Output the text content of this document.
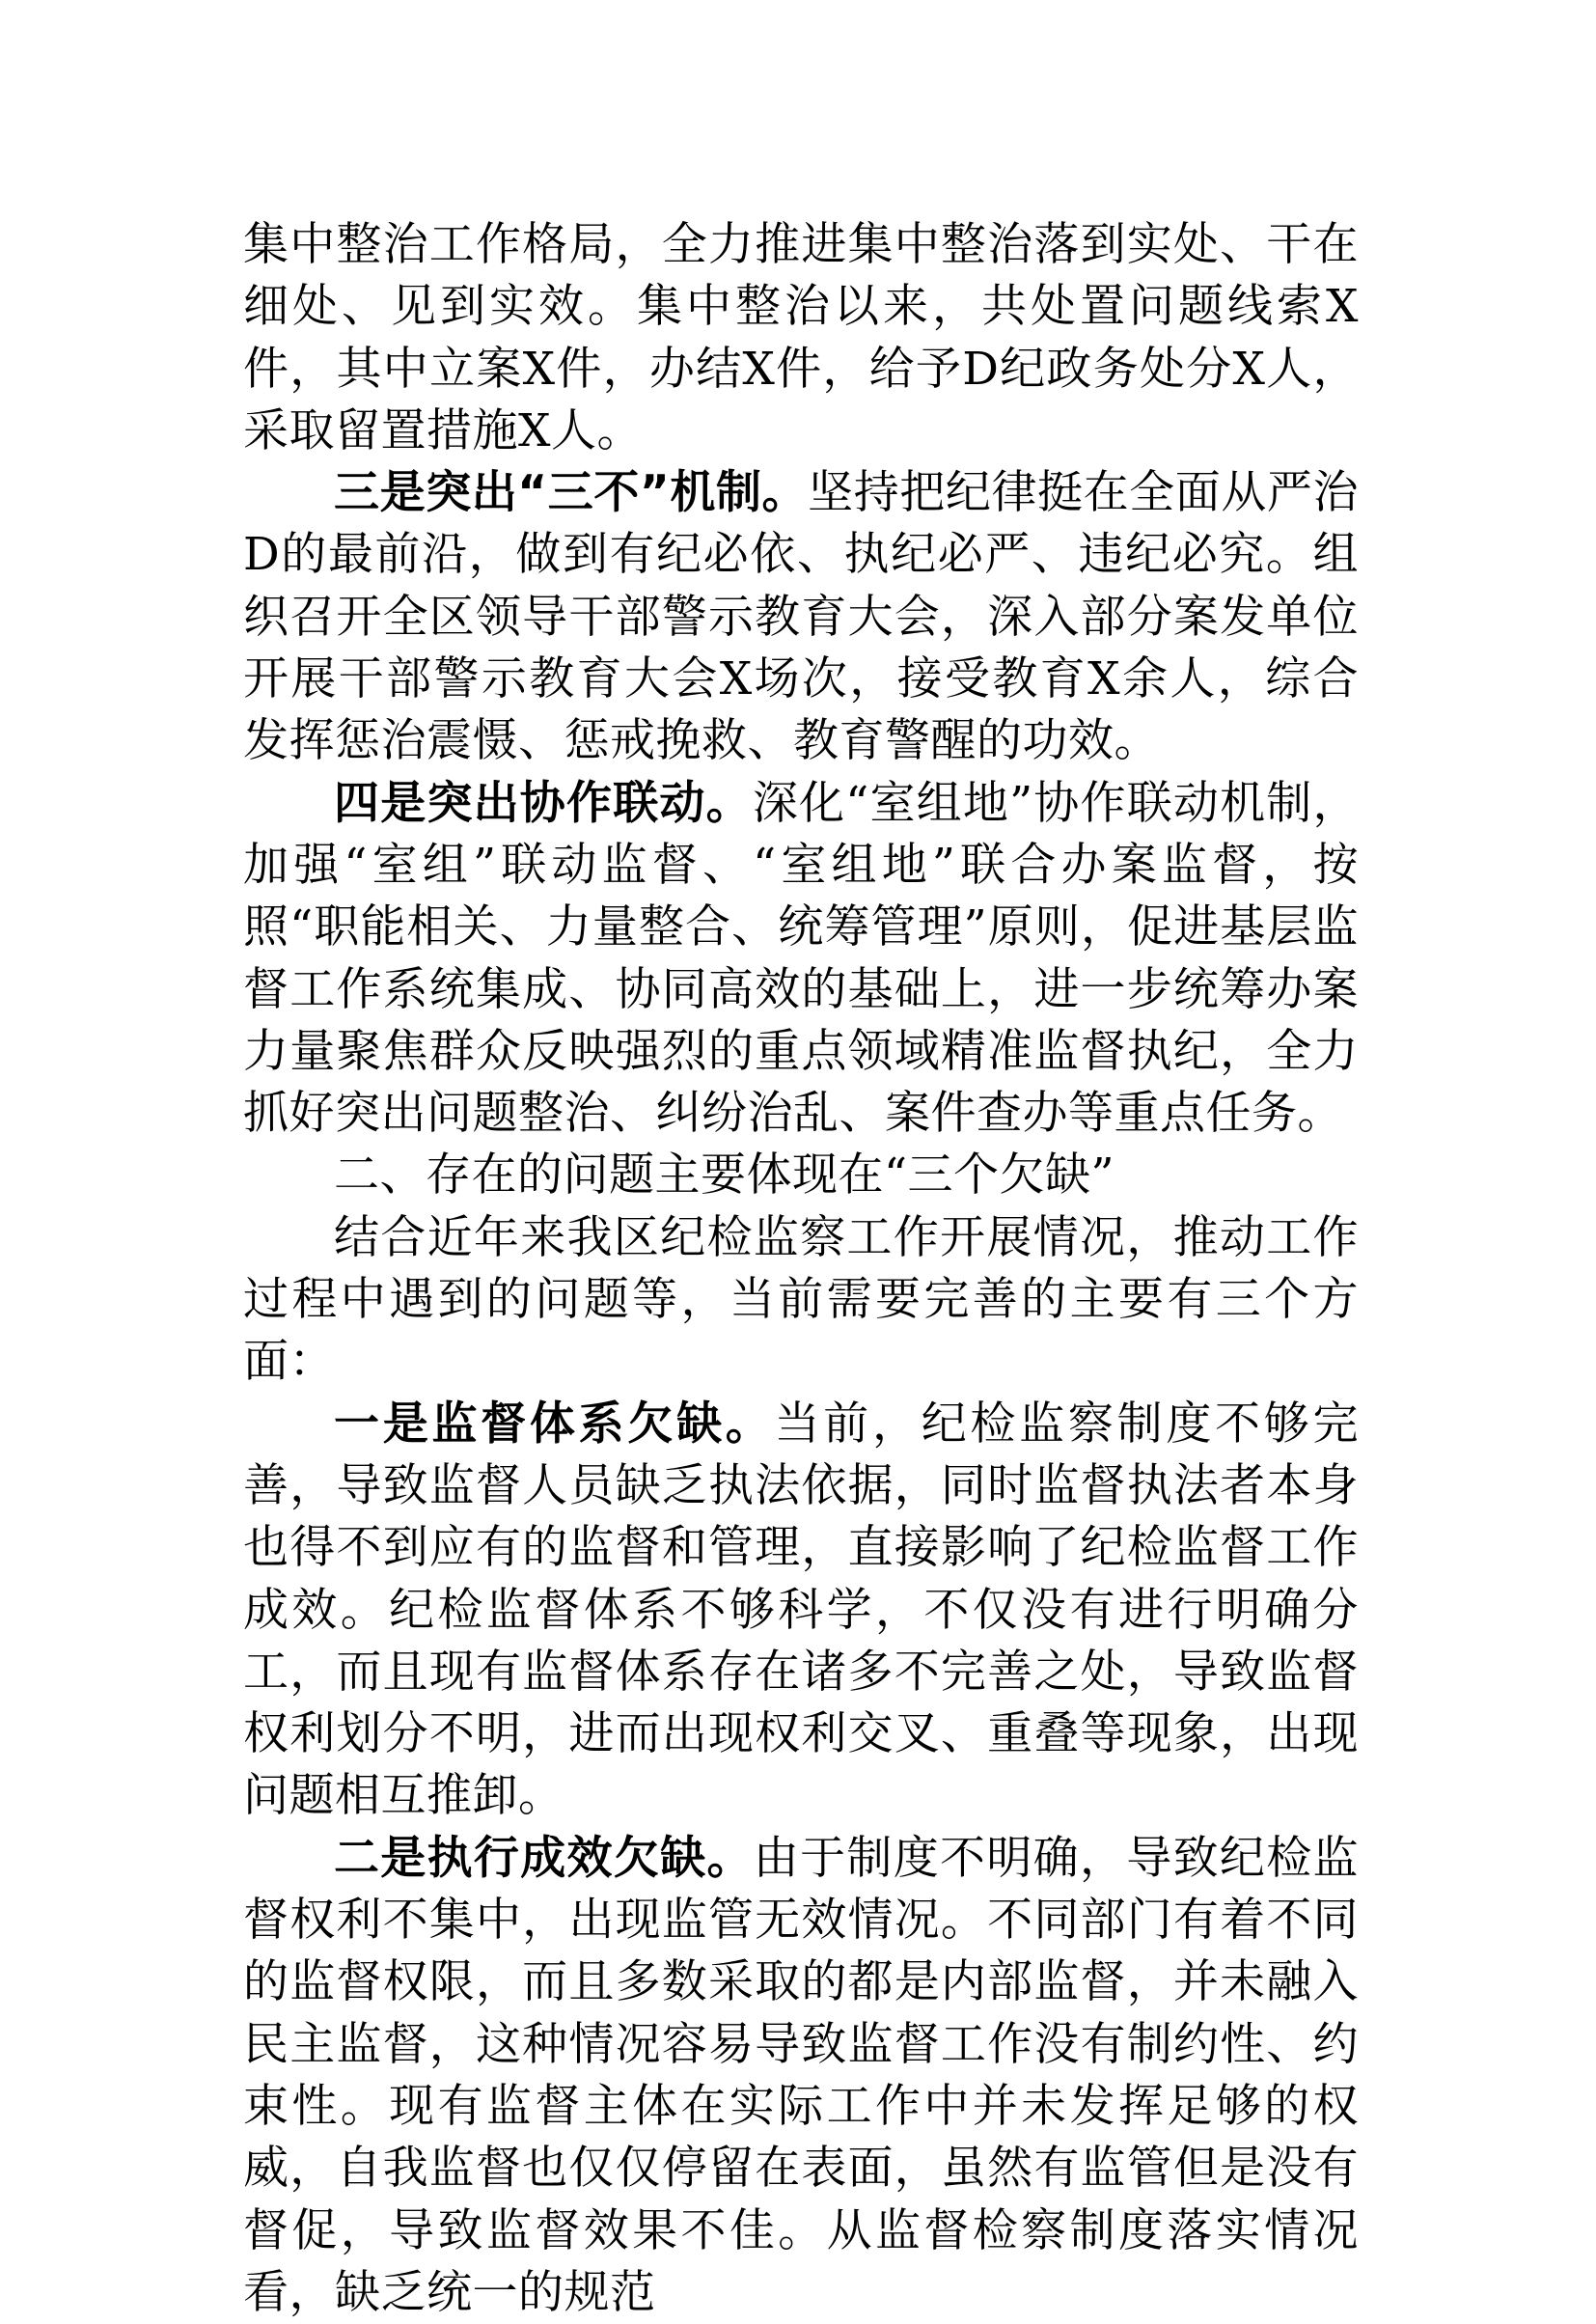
集中整治工作格局，全力推进集中整治落到实处、干在细处、见到实效。集中整治以来，共处置问题线索X件，其中立案X件，办结X件，给予D纪政务处分X人，采取留置措施X人。

三是突出“三不”机制。坚持把纪律挺在全面从严治D的最前沿，做到有纪必依、执纪必严、违纪必究。组织召开全区领导干部警示教育大会，深入部分案发单位开展干部警示教育大会X场次，接受教育X余人，综合发挥惩治震慑、惩戒挽救、教育警醒的功效。

四是突出协作联动。深化“室组地”协作联动机制，加强“室组”联动监督、“室组地”联合办案监督，按照“职能相关、力量整合、统筹管理”原则，促进基层监督工作系统集成、协同高效的基础上，进一步统筹办案力量聚焦群众反映强烈的重点领域精准监督执纪，全力抓好突出问题整治、纠纷治乱、案件查办等重点任务。

二、存在的问题主要体现在“三个欠缺”

结合近年来我区纪检监察工作开展情况，推动工作过程中遇到的问题等，当前需要完善的主要有三个方面：

一是监督体系欠缺。当前，纪检监察制度不够完善，导致监督人员缺乏执法依据，同时监督执法者本身也得不到应有的监督和管理，直接影响了纪检监督工作成效。纪检监督体系不够科学，不仅没有进行明确分工，而且现有监督体系存在诸多不完善之处，导致监督权利划分不明，进而出现权利交叉、重叠等现象，出现问题相互推卸。

二是执行成效欠缺。由于制度不明确，导致纪检监督权利不集中，出现监管无效情况。不同部门有着不同的监督权限，而且多数采取的都是内部监督，并未融入民主监督，这种情况容易导致监督工作没有制约性、约束性。现有监督主体在实际工作中并未发挥足够的权威，自我监督也仅仅停留在表面，虽然有监管但是没有督促，导致监督效果不佳。从监督检察制度落实情况看，缺乏统一的规范
